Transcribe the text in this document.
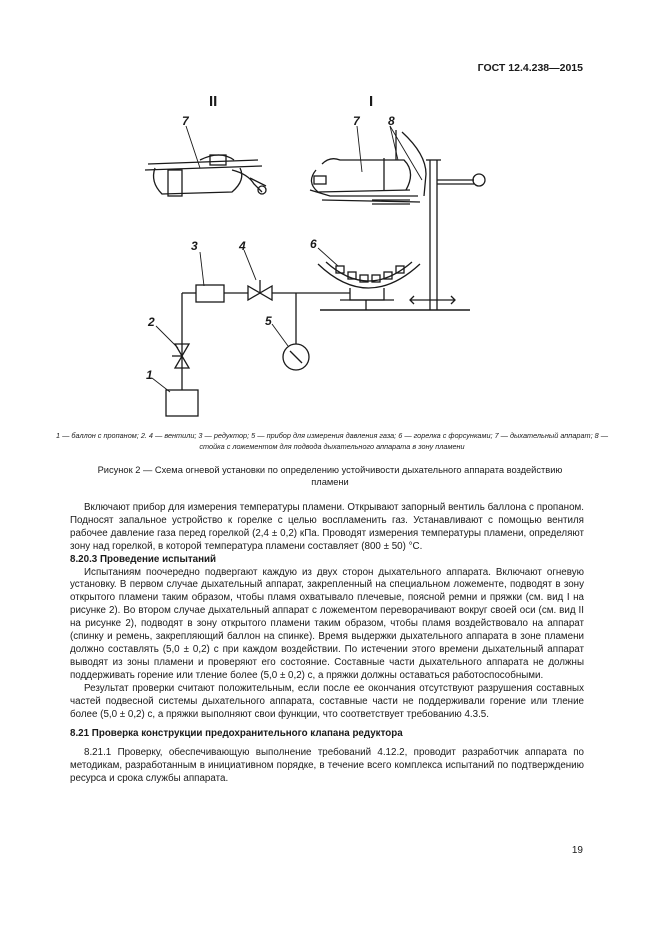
ГОСТ 12.4.238—2015
II	I
7	7 8
3	4	6
5
2
1
1 — баллон с пропаном; 2. 4 — вентили; 3 — редуктор; 5 — прибор для измерения давления газа; 6 — горелка с форсунками; 7 — дыхательный аппарат; 8 — стойка с ложементом для подвода дыхательного аппарата в зону пламени
Рисунок 2 — Схема огневой установки по определению устойчивости дыхательного аппарата воздействию пламени

Включают прибор для измерения температуры пламени. Открывают запорный вентиль баллона с пропаном. Подносят запальное устройство к горелке с целью воспламенить газ. Устанавливают с помощью вентиля рабочее давление газа перед горелкой (2,4 ± 0,2) кПа. Проводят измерения температуры пламени, определяют зону над горелкой, в которой температура пламени составляет (800 ± 50) °С.

8.20.3 Проведение испытаний

Испытаниям поочередно подвергают каждую из двух сторон дыхательного аппарата. Включают огневую установку. В первом случае дыхательный аппарат, закрепленный на специальном ложементе, подводят в зону открытого пламени таким образом, чтобы пламя охватывало плечевые, поясной ремни и пряжки (см. вид I на рисунке 2). Во втором случае дыхательный аппарат с ложементом переворачивают вокруг своей оси (см. вид II на рисунке 2), подводят в зону открытого пламени таким образом, чтобы пламя воздействовало на аппарат (спинку и ремень, закрепляющий баллон на спинке). Время выдержки дыхательного аппарата в зоне пламени должно составлять (5,0 ± 0,2) с при каждом воздействии. По истечении этого времени дыхательный аппарат выводят из зоны пламени и проверяют его состояние. Составные части дыхательного аппарата не должны поддерживать горение или тление более (5,0 ± 0,2) с, а пряжки должны оставаться работоспособными.

Результат проверки считают положительным, если после ее окончания отсутствуют разрушения составных частей подвесной системы дыхательного аппарата, составные части не поддерживали горение или тление более (5,0 ± 0,2) с, а пряжки выполняют свои функции, что соответствует требованию 4.3.5.

8.21 Проверка конструкции предохранительного клапана редуктора

8.21.1 Проверку, обеспечивающую выполнение требований 4.12.2, проводит разработчик аппарата по методикам, разработанным в инициативном порядке, в течение всего комплекса испытаний по подтверждению ресурса и срока службы аппарата.

19
